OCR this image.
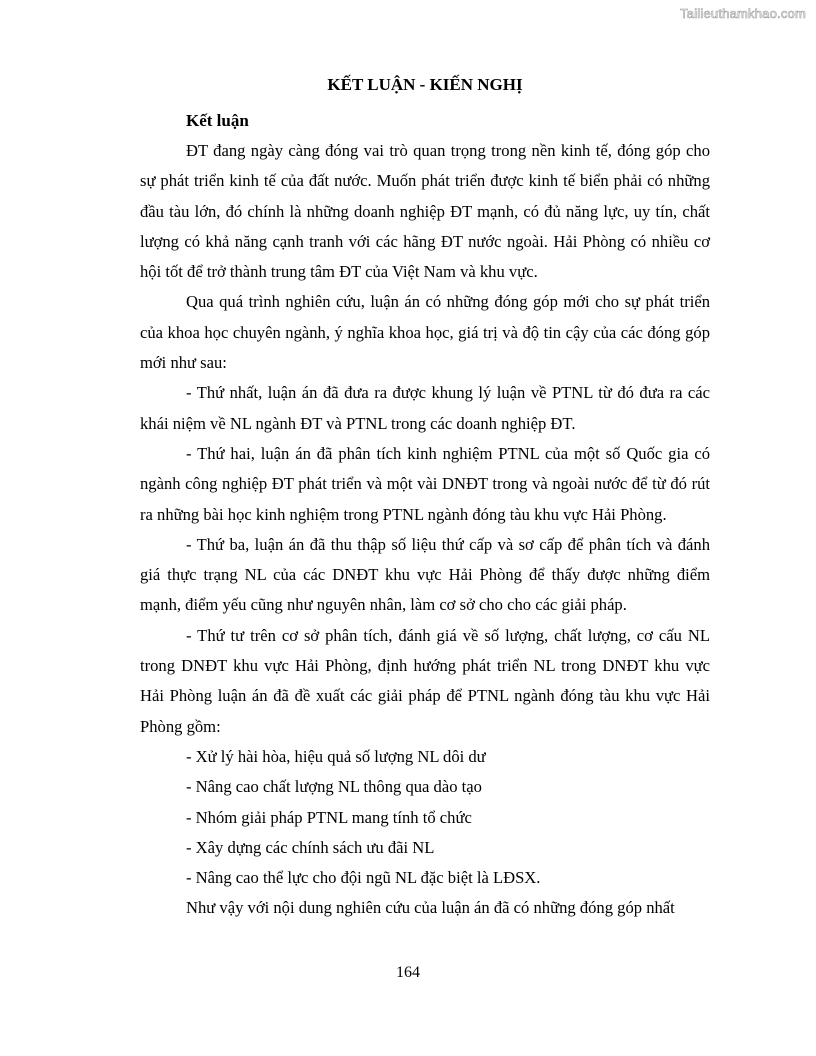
Tailieuthamkhao.com
KẾT LUẬN - KIẾN NGHỊ
Kết luận

ĐT đang ngày càng đóng vai trò quan trọng trong nền kinh tế, đóng góp cho sự phát triển kinh tế của đất nước. Muốn phát triển được kinh tế biển phải có những đầu tàu lớn, đó chính là những doanh nghiệp ĐT mạnh, có đủ năng lực, uy tín, chất lượng có khả năng cạnh tranh với các hãng ĐT nước ngoài. Hải Phòng có nhiều cơ hội tốt để trở thành trung tâm ĐT của Việt Nam và khu vực.

Qua quá trình nghiên cứu, luận án có những đóng góp mới cho sự phát triển của khoa học chuyên ngành, ý nghĩa khoa học, giá trị và độ tin cậy của các đóng góp mới như sau:

- Thứ nhất, luận án đã đưa ra được khung lý luận về PTNL từ đó đưa ra các khái niệm về NL ngành ĐT và PTNL trong các doanh nghiệp ĐT.

- Thứ hai, luận án đã phân tích kinh nghiệm PTNL của một số Quốc gia có ngành công nghiệp ĐT phát triển và một vài DNĐT trong và ngoài nước để từ đó rút ra những bài học kinh nghiệm trong PTNL ngành đóng tàu khu vực Hải Phòng.

- Thứ ba, luận án đã thu thập số liệu thứ cấp và sơ cấp để phân tích và đánh giá thực trạng NL của các DNĐT khu vực Hải Phòng để thấy được những điểm mạnh, điểm yếu cũng như nguyên nhân, làm cơ sở cho cho các giải pháp.

- Thứ tư trên cơ sở phân tích, đánh giá về số lượng, chất lượng, cơ cấu NL trong DNĐT khu vực Hải Phòng, định hướng phát triển NL trong DNĐT khu vực Hải Phòng luận án đã đề xuất các giải pháp để PTNL ngành đóng tàu khu vực Hải Phòng gồm:

- Xử lý hài hòa, hiệu quả số lượng NL dôi dư
- Nâng cao chất lượng NL thông qua dào tạo
- Nhóm giải pháp PTNL mang tính tổ chức
- Xây dựng các chính sách ưu đãi NL
- Nâng cao thể lực cho đội ngũ NL đặc biệt là LĐSX.

Như vậy với nội dung nghiên cứu của luận án đã có những đóng góp nhất

164
